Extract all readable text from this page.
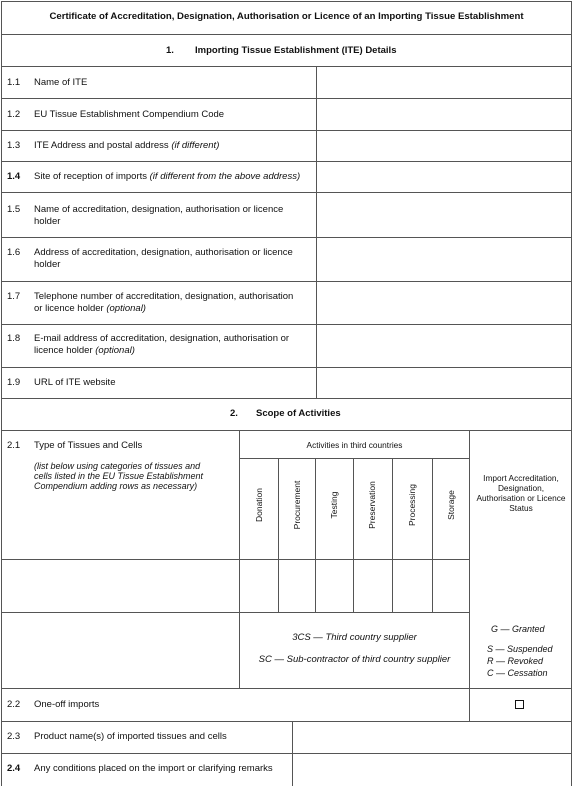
Certificate of Accreditation, Designation, Authorisation or Licence of an Importing Tissue Establishment
1. Importing Tissue Establishment (ITE) Details
1.1 Name of ITE
1.2 EU Tissue Establishment Compendium Code
1.3 ITE Address and postal address (if different)
1.4 Site of reception of imports (if different from the above address)
1.5 Name of accreditation, designation, authorisation or licence
holder
1.6 Address of accreditation, designation, authorisation or licence
holder
1.7 Telephone number of accreditation, designation, authorisation
or licence holder (optional)
1.8 E-mail address of accreditation, designation, authorisation or
licence holder (optional)
1.9 URL of ITE website
2. Scope of Activities
2.1 Type of Tissues and Cells
(list below using categories of tissues and
cells listed in the EU Tissue Establishment
Compendium adding rows as necessary)
Activities in third countries
Donation	Procurement	Testing	Preservation	Processing	Storage
Import Accreditation,
Designation,
Authorisation or Licence
Status
3CS — Third country supplier
SC — Sub-contractor of third country supplier
G — Granted
S — Suspended
R — Revoked
C — Cessation
2.2 One-off imports
2.3 Product name(s) of imported tissues and cells
2.4 Any conditions placed on the import or clarifying remarks
